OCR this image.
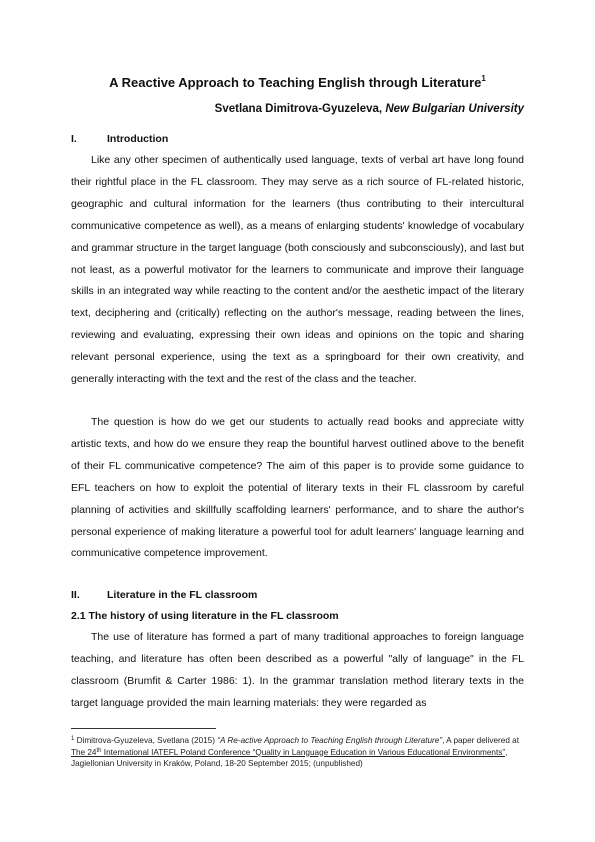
A Reactive Approach to Teaching English through Literature$^1$
Svetlana Dimitrova-Gyuzeleva, New Bulgarian University
I.	Introduction

Like any other specimen of authentically used language, texts of verbal art have long found their rightful place in the FL classroom. They may serve as a rich source of FL-related historic, geographic and cultural information for the learners (thus contributing to their intercultural communicative competence as well), as a means of enlarging students' knowledge of vocabulary and grammar structure in the target language (both consciously and subconsciously), and last but not least, as a powerful motivator for the learners to communicate and improve their language skills in an integrated way while reacting to the content and/or the aesthetic impact of the literary text, deciphering and (critically) reflecting on the author's message, reading between the lines, reviewing and evaluating, expressing their own ideas and opinions on the topic and sharing relevant personal experience, using the text as a springboard for their own creativity, and generally interacting with the text and the rest of the class and the teacher.

The question is how do we get our students to actually read books and appreciate witty artistic texts, and how do we ensure they reap the bountiful harvest outlined above to the benefit of their FL communicative competence? The aim of this paper is to provide some guidance to EFL teachers on how to exploit the potential of literary texts in their FL classroom by careful planning of activities and skillfully scaffolding learners' performance, and to share the author's personal experience of making literature a powerful tool for adult learners' language learning and communicative competence improvement.

II.	Literature in the FL classroom
2.1 The history of using literature in the FL classroom

The use of literature has formed a part of many traditional approaches to foreign language teaching, and literature has often been described as a powerful "ally of language" in the FL classroom (Brumfit & Carter 1986: 1). In the grammar translation method literary texts in the target language provided the main learning materials: they were regarded as

$^1$ Dimitrova-Gyuzeleva, Svetlana (2015) “A Re-active Approach to Teaching English through Literature”, A paper delivered at The 24th International IATEFL Poland Conference “Quality in Language Education in Various Educational Environments”, Jagiellonian University in Kraków, Poland, 18-20 September 2015; (unpublished)
